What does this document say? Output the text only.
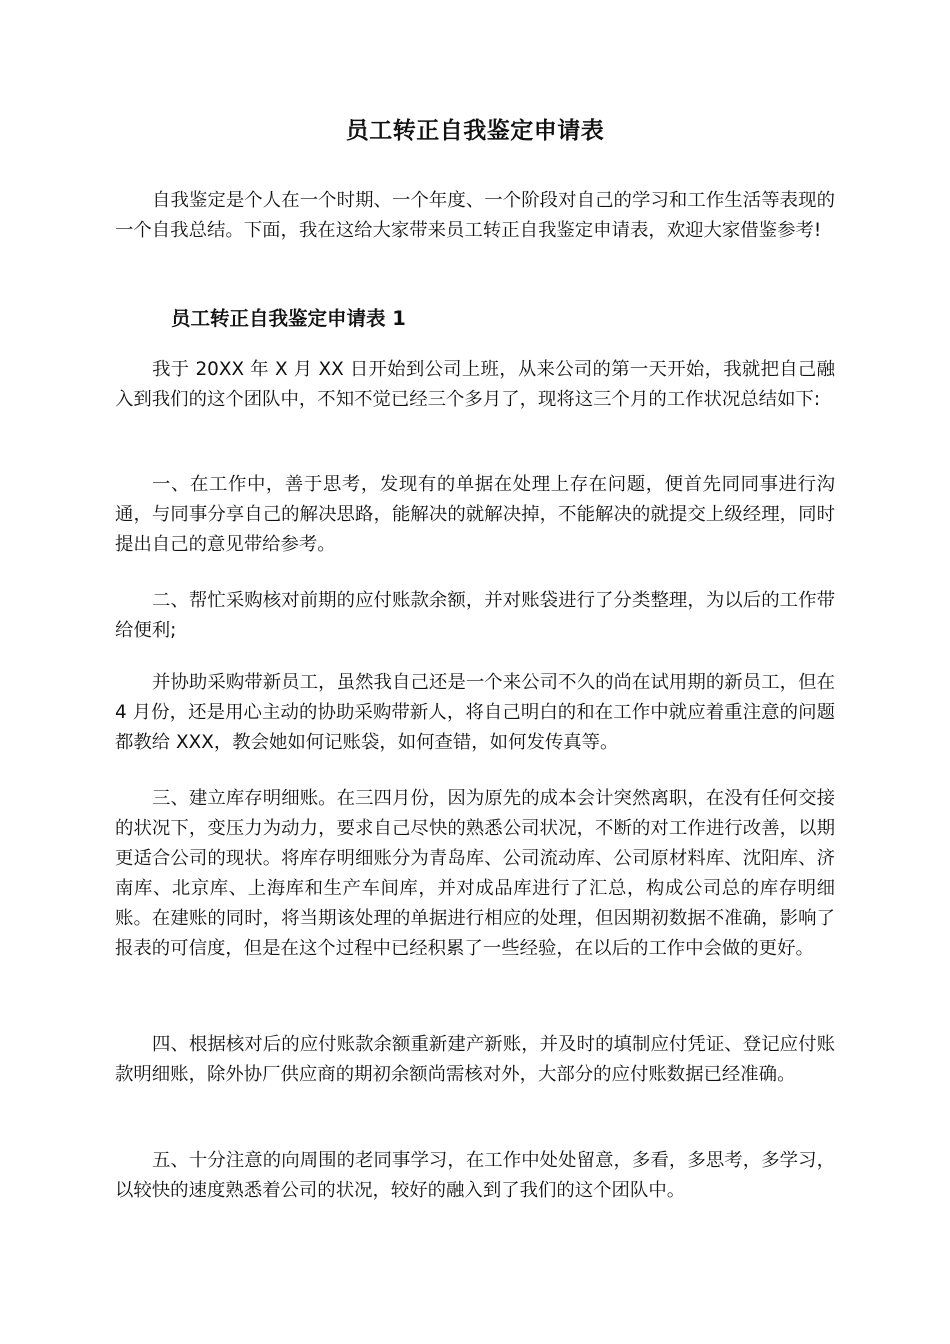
员工转正自我鉴定申请表

自我鉴定是个人在一个时期、一个年度、一个阶段对自己的学习和工作生活等表现的一个自我总结。下面，我在这给大家带来员工转正自我鉴定申请表，欢迎大家借鉴参考!

员工转正自我鉴定申请表 1

我于 20XX 年 X 月 XX 日开始到公司上班，从来公司的第一天开始，我就把自己融入到我们的这个团队中，不知不觉已经三个多月了，现将这三个月的工作状况总结如下:

一、在工作中，善于思考，发现有的单据在处理上存在问题，便首先同同事进行沟通，与同事分享自己的解决思路，能解决的就解决掉，不能解决的就提交上级经理，同时提出自己的意见带给参考。

二、帮忙采购核对前期的应付账款余额，并对账袋进行了分类整理，为以后的工作带给便利;

并协助采购带新员工，虽然我自己还是一个来公司不久的尚在试用期的新员工，但在 4 月份，还是用心主动的协助采购带新人，将自己明白的和在工作中就应着重注意的问题都教给 XXX，教会她如何记账袋，如何查错，如何发传真等。

三、建立库存明细账。在三四月份，因为原先的成本会计突然离职，在没有任何交接的状况下，变压力为动力，要求自己尽快的熟悉公司状况，不断的对工作进行改善，以期更适合公司的现状。将库存明细账分为青岛库、公司流动库、公司原材料库、沈阳库、济南库、北京库、上海库和生产车间库，并对成品库进行了汇总，构成公司总的库存明细账。在建账的同时，将当期该处理的单据进行相应的处理，但因期初数据不准确，影响了报表的可信度，但是在这个过程中已经积累了一些经验，在以后的工作中会做的更好。

四、根据核对后的应付账款余额重新建产新账，并及时的填制应付凭证、登记应付账款明细账，除外协厂供应商的期初余额尚需核对外，大部分的应付账数据已经准确。

五、十分注意的向周围的老同事学习，在工作中处处留意，多看，多思考，多学习，以较快的速度熟悉着公司的状况，较好的融入到了我们的这个团队中。
